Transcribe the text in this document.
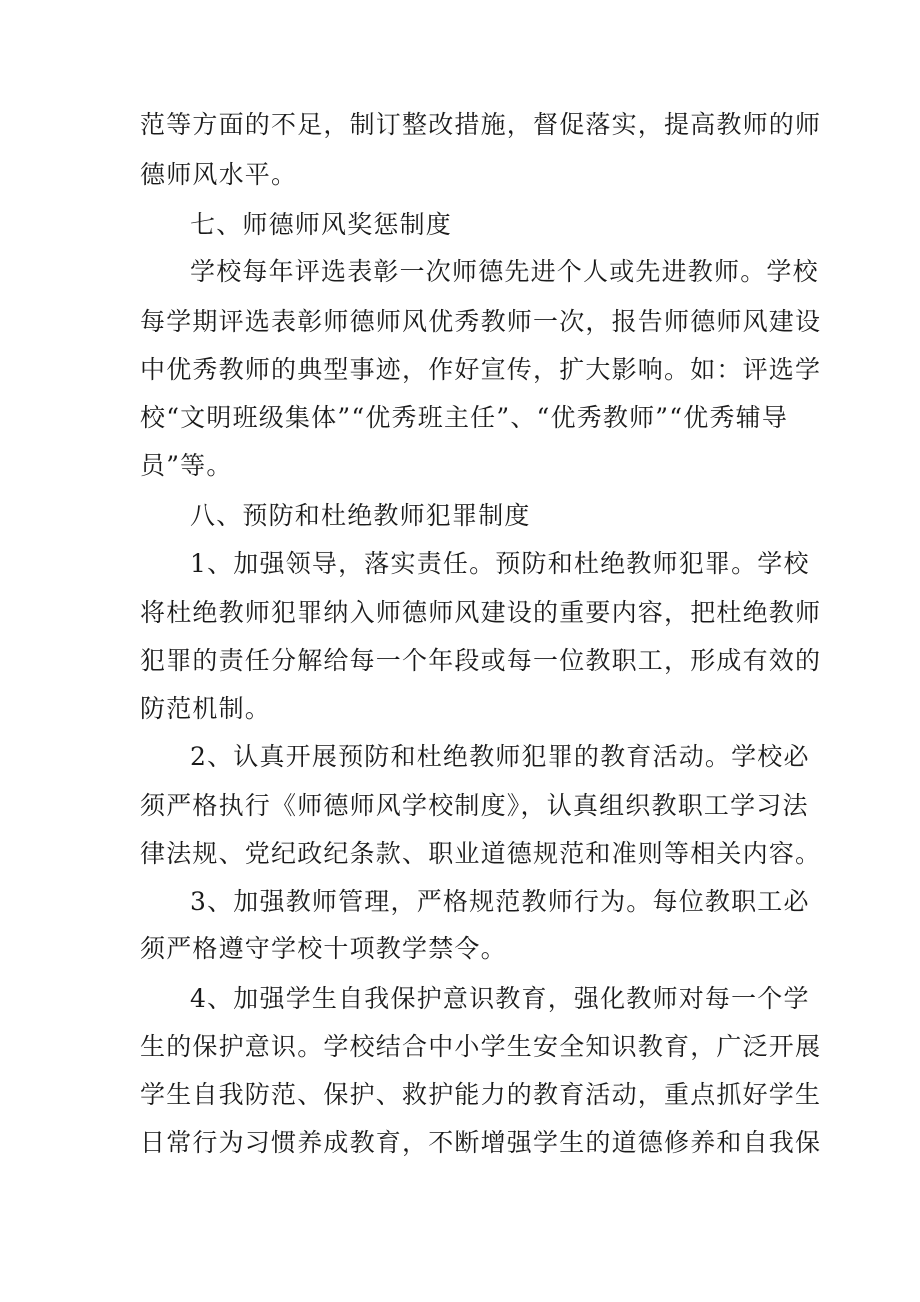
范等方面的不足，制订整改措施，督促落实，提高教师的师
德师风水平。
七、师德师风奖惩制度
学校每年评选表彰一次师德先进个人或先进教师。学校
每学期评选表彰师德师风优秀教师一次，报告师德师风建设
中优秀教师的典型事迹，作好宣传，扩大影响。如：评选学
校“文明班级集体”“优秀班主任”、“优秀教师”“优秀辅导
员”等。
八、预防和杜绝教师犯罪制度
1、加强领导，落实责任。预防和杜绝教师犯罪。学校
将杜绝教师犯罪纳入师德师风建设的重要内容，把杜绝教师
犯罪的责任分解给每一个年段或每一位教职工，形成有效的
防范机制。
2、认真开展预防和杜绝教师犯罪的教育活动。学校必
须严格执行《师德师风学校制度》，认真组织教职工学习法
律法规、党纪政纪条款、职业道德规范和准则等相关内容。
3、加强教师管理，严格规范教师行为。每位教职工必
须严格遵守学校十项教学禁令。
4、加强学生自我保护意识教育，强化教师对每一个学
生的保护意识。学校结合中小学生安全知识教育，广泛开展
学生自我防范、保护、救护能力的教育活动，重点抓好学生
日常行为习惯养成教育，不断增强学生的道德修养和自我保
